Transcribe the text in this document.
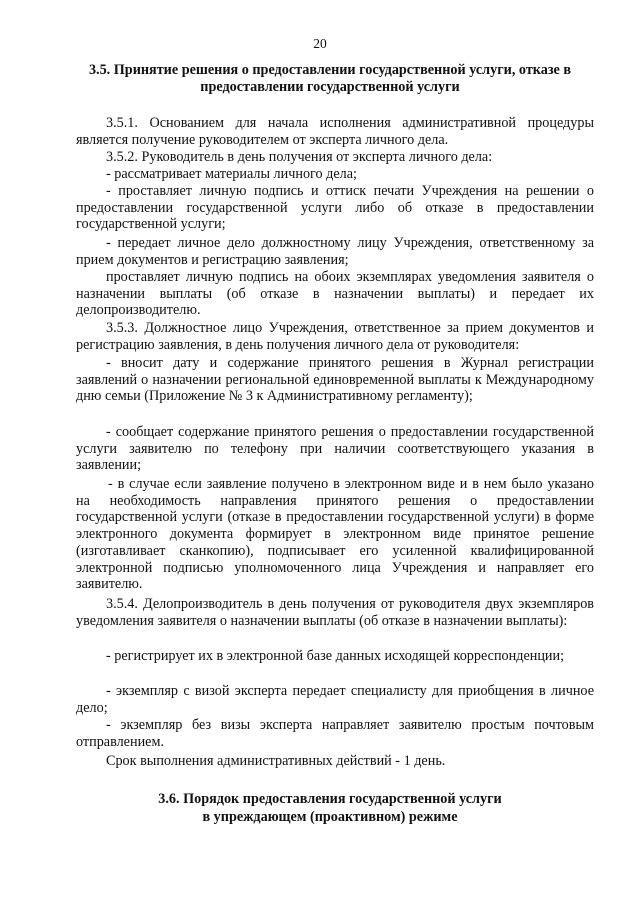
20
3.5. Принятие решения о предоставлении государственной услуги, отказе в предоставлении государственной услуги
3.5.1. Основанием для начала исполнения административной процедуры является получение руководителем от эксперта личного дела.
3.5.2. Руководитель в день получения от эксперта личного дела:
- рассматривает материалы личного дела;
- проставляет личную подпись и оттиск печати Учреждения на решении о предоставлении государственной услуги либо об отказе в предоставлении государственной услуги;
- передает личное дело должностному лицу Учреждения, ответственному за прием документов и регистрацию заявления;
проставляет личную подпись на обоих экземплярах уведомления заявителя о назначении выплаты (об отказе в назначении выплаты) и передает их делопроизводителю.
3.5.3. Должностное лицо Учреждения, ответственное за прием документов и регистрацию заявления, в день получения личного дела от руководителя:
- вносит дату и содержание принятого решения в Журнал регистрации заявлений о назначении региональной единовременной выплаты к Международному дню семьи (Приложение № 3 к Административному регламенту);
- сообщает содержание принятого решения о предоставлении государственной услуги заявителю по телефону при наличии соответствующего указания в заявлении;
- в случае если заявление получено в электронном виде и в нем было указано на необходимость направления принятого решения о предоставлении государственной услуги (отказе в предоставлении государственной услуги) в форме электронного документа формирует в электронном виде принятое решение (изготавливает сканкопию), подписывает его усиленной квалифицированной электронной подписью уполномоченного лица Учреждения и направляет его заявителю.
3.5.4. Делопроизводитель в день получения от руководителя двух экземпляров уведомления заявителя о назначении выплаты (об отказе в назначении выплаты):
- регистрирует их в электронной базе данных исходящей корреспонденции;
- экземпляр с визой эксперта передает специалисту для приобщения в личное дело;
- экземпляр без визы эксперта направляет заявителю простым почтовым отправлением.
Срок выполнения административных действий - 1 день.
3.6. Порядок предоставления государственной услуги
в упреждающем (проактивном) режиме
